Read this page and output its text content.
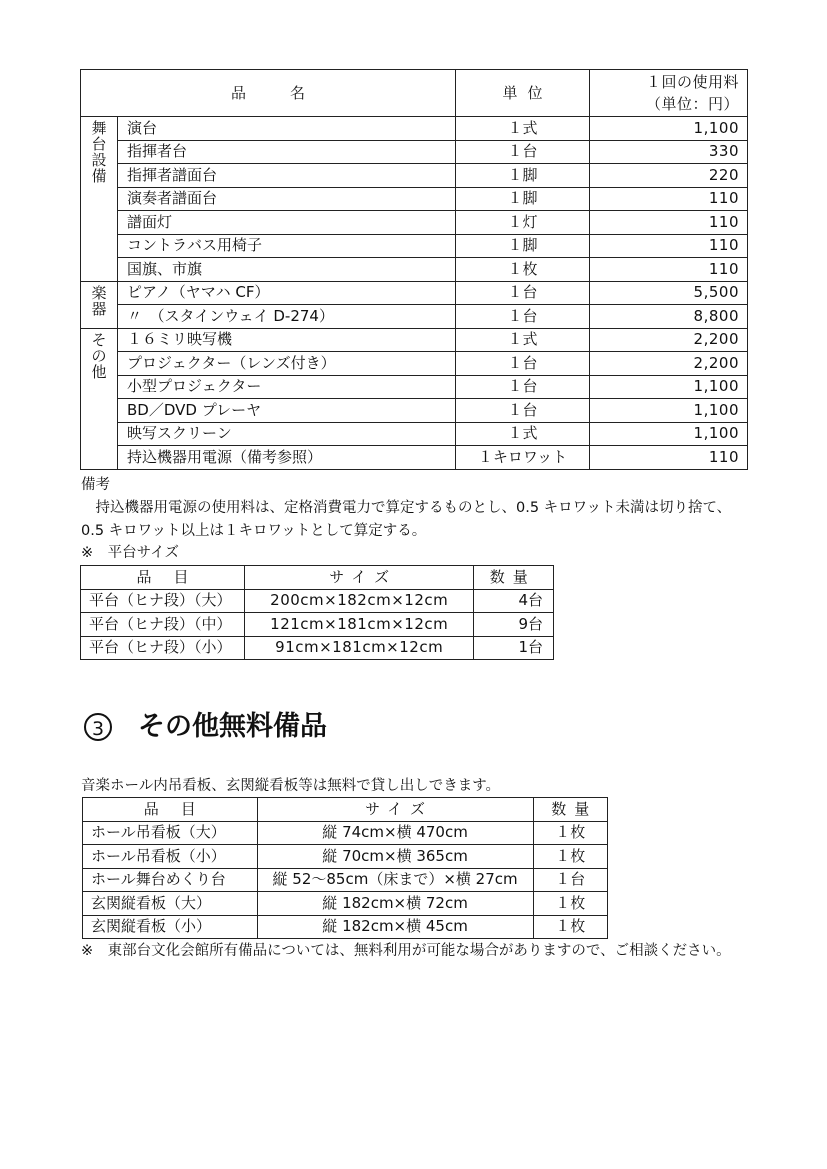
品名		単位	１回の使用料
（単位：円）

舞
台
設
備	演台	１式	1,100
	指揮者台	１台	330
	指揮者譜面台	１脚	220
	演奏者譜面台	１脚	110
	譜面灯	１灯	110
	コントラバス用椅子	１脚	110
	国旗、市旗	１枚	110

楽
器	ピアノ（ヤマハ CF）	１台	5,500
	〃　（スタインウェイ D-274）	１台	8,800

そ
の
他	１６ミリ映写機	１式	2,200
	プロジェクター（レンズ付き）	１台	2,200
	小型プロジェクター	１台	1,100
	BD／DVD プレーヤ	１台	1,100
	映写スクリーン	１式	1,100
	持込機器用電源（備考参照）	１キロワット	110
備考
　持込機器用電源の使用料は、定格消費電力で算定するものとし、0.5 キロワット未満は切り捨て、
0.5 キロワット以上は１キロワットとして算定する。
※　平台サイズ
品目	サイズ	数量
平台（ヒナ段）（大）	200cm×182cm×12cm	4台
平台（ヒナ段）（中）	121cm×181cm×12cm	9台
平台（ヒナ段）（小）	91cm×181cm×12cm	1台
3 その他無料備品
音楽ホール内吊看板、玄関縦看板等は無料で貸し出しできます。
品目	サイズ	数量
ホール吊看板（大）	縦 74cm×横 470cm	１枚
ホール吊看板（小）	縦 70cm×横 365cm	１枚
ホール舞台めくり台	縦 52～85cm（床まで）×横 27cm	１台
玄関縦看板（大）	縦 182cm×横 72cm	１枚
玄関縦看板（小）	縦 182cm×横 45cm	１枚
※　東部台文化会館所有備品については、無料利用が可能な場合がありますので、ご相談ください。
